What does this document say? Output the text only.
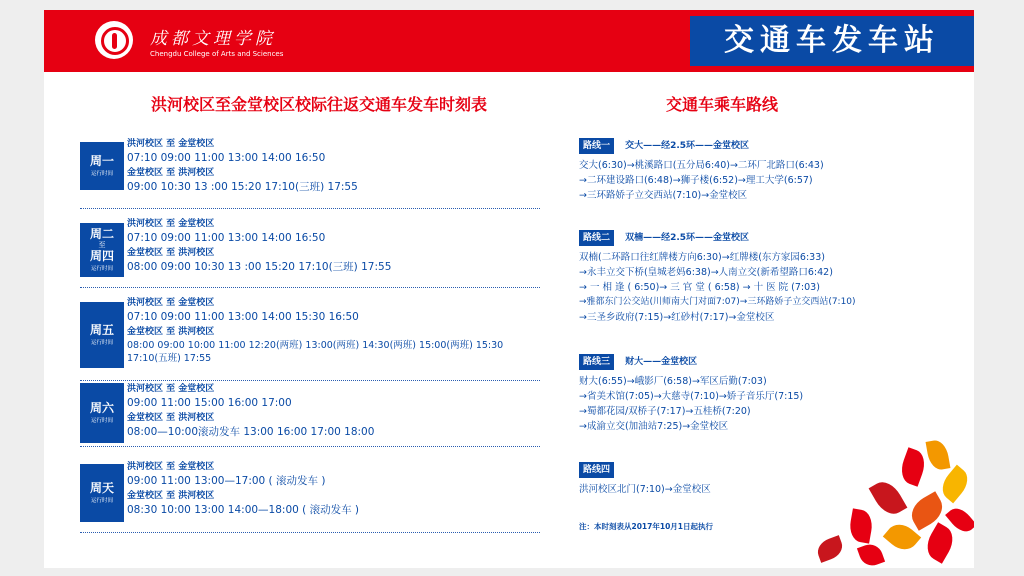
成都文理学院
Chengdu College of Arts and Sciences	交通车发车站
洪河校区至金堂校区校际往返交通车发车时刻表	交通车乘车路线
周一
运行时间
洪河校区 至 金堂校区
07:10 09:00 11:00 13:00 14:00 16:50
金堂校区 至 洪河校区
09:00 10:30 13 :00 15:20 17:10(三班) 17:55
周二
至
周四
运行时间
洪河校区 至 金堂校区
07:10 09:00 11:00 13:00 14:00 16:50
金堂校区 至 洪河校区
08:00 09:00 10:30 13 :00 15:20 17:10(三班) 17:55
周五
运行时间
洪河校区 至 金堂校区
07:10 09:00 11:00 13:00 14:00 15:30 16:50
金堂校区 至 洪河校区
08:00 09:00 10:00 11:00 12:20(两班) 13:00(两班) 14:30(两班) 15:00(两班) 15:30 17:10(五班) 17:55
周六
运行时间
洪河校区 至 金堂校区
09:00 11:00 15:00 16:00 17:00
金堂校区 至 洪河校区
08:00—10:00滚动发车 13:00 16:00 17:00 18:00
周天
运行时间
洪河校区 至 金堂校区
09:00 11:00 13:00—17:00 ( 滚动发车 )
金堂校区 至 洪河校区
08:30 10:00 13:00 14:00—18:00 ( 滚动发车 )
路线一 交大——经2.5环——金堂校区
交大(6:30)→桃溪路口(五分局6:40)→二环厂北路口(6:43)
→二环建设路口(6:48)→狮子楼(6:52)→理工大学(6:57)
→三环路娇子立交西站(7:10)→金堂校区
路线二 双楠——经2.5环——金堂校区
双楠(二环路口往红牌楼方向6:30)→红牌楼(东方家园6:33)
→永丰立交下桥(皇城老妈6:38)→人南立交(新希望路口6:42)
→ 一 相 逢 ( 6:50)→ 三 官 堂 ( 6:58) → 十 医 院 (7:03)
→雅都东门公交站(川师南大门对面7:07)→三环路娇子立交西站(7:10)
→三圣乡政府(7:15)→红砂村(7:17)→金堂校区
路线三 财大——金堂校区
财大(6:55)→峨影厂(6:58)→军区后勤(7:03)
→省美术馆(7:05)→大慈寺(7:10)→娇子音乐厅(7:15)
→蜀都花园/双桥子(7:17)→五桂桥(7:20)
→成渝立交(加油站7:25)→金堂校区
路线四
洪河校区北门(7:10)→金堂校区
注：本时刻表从2017年10月1日起执行
